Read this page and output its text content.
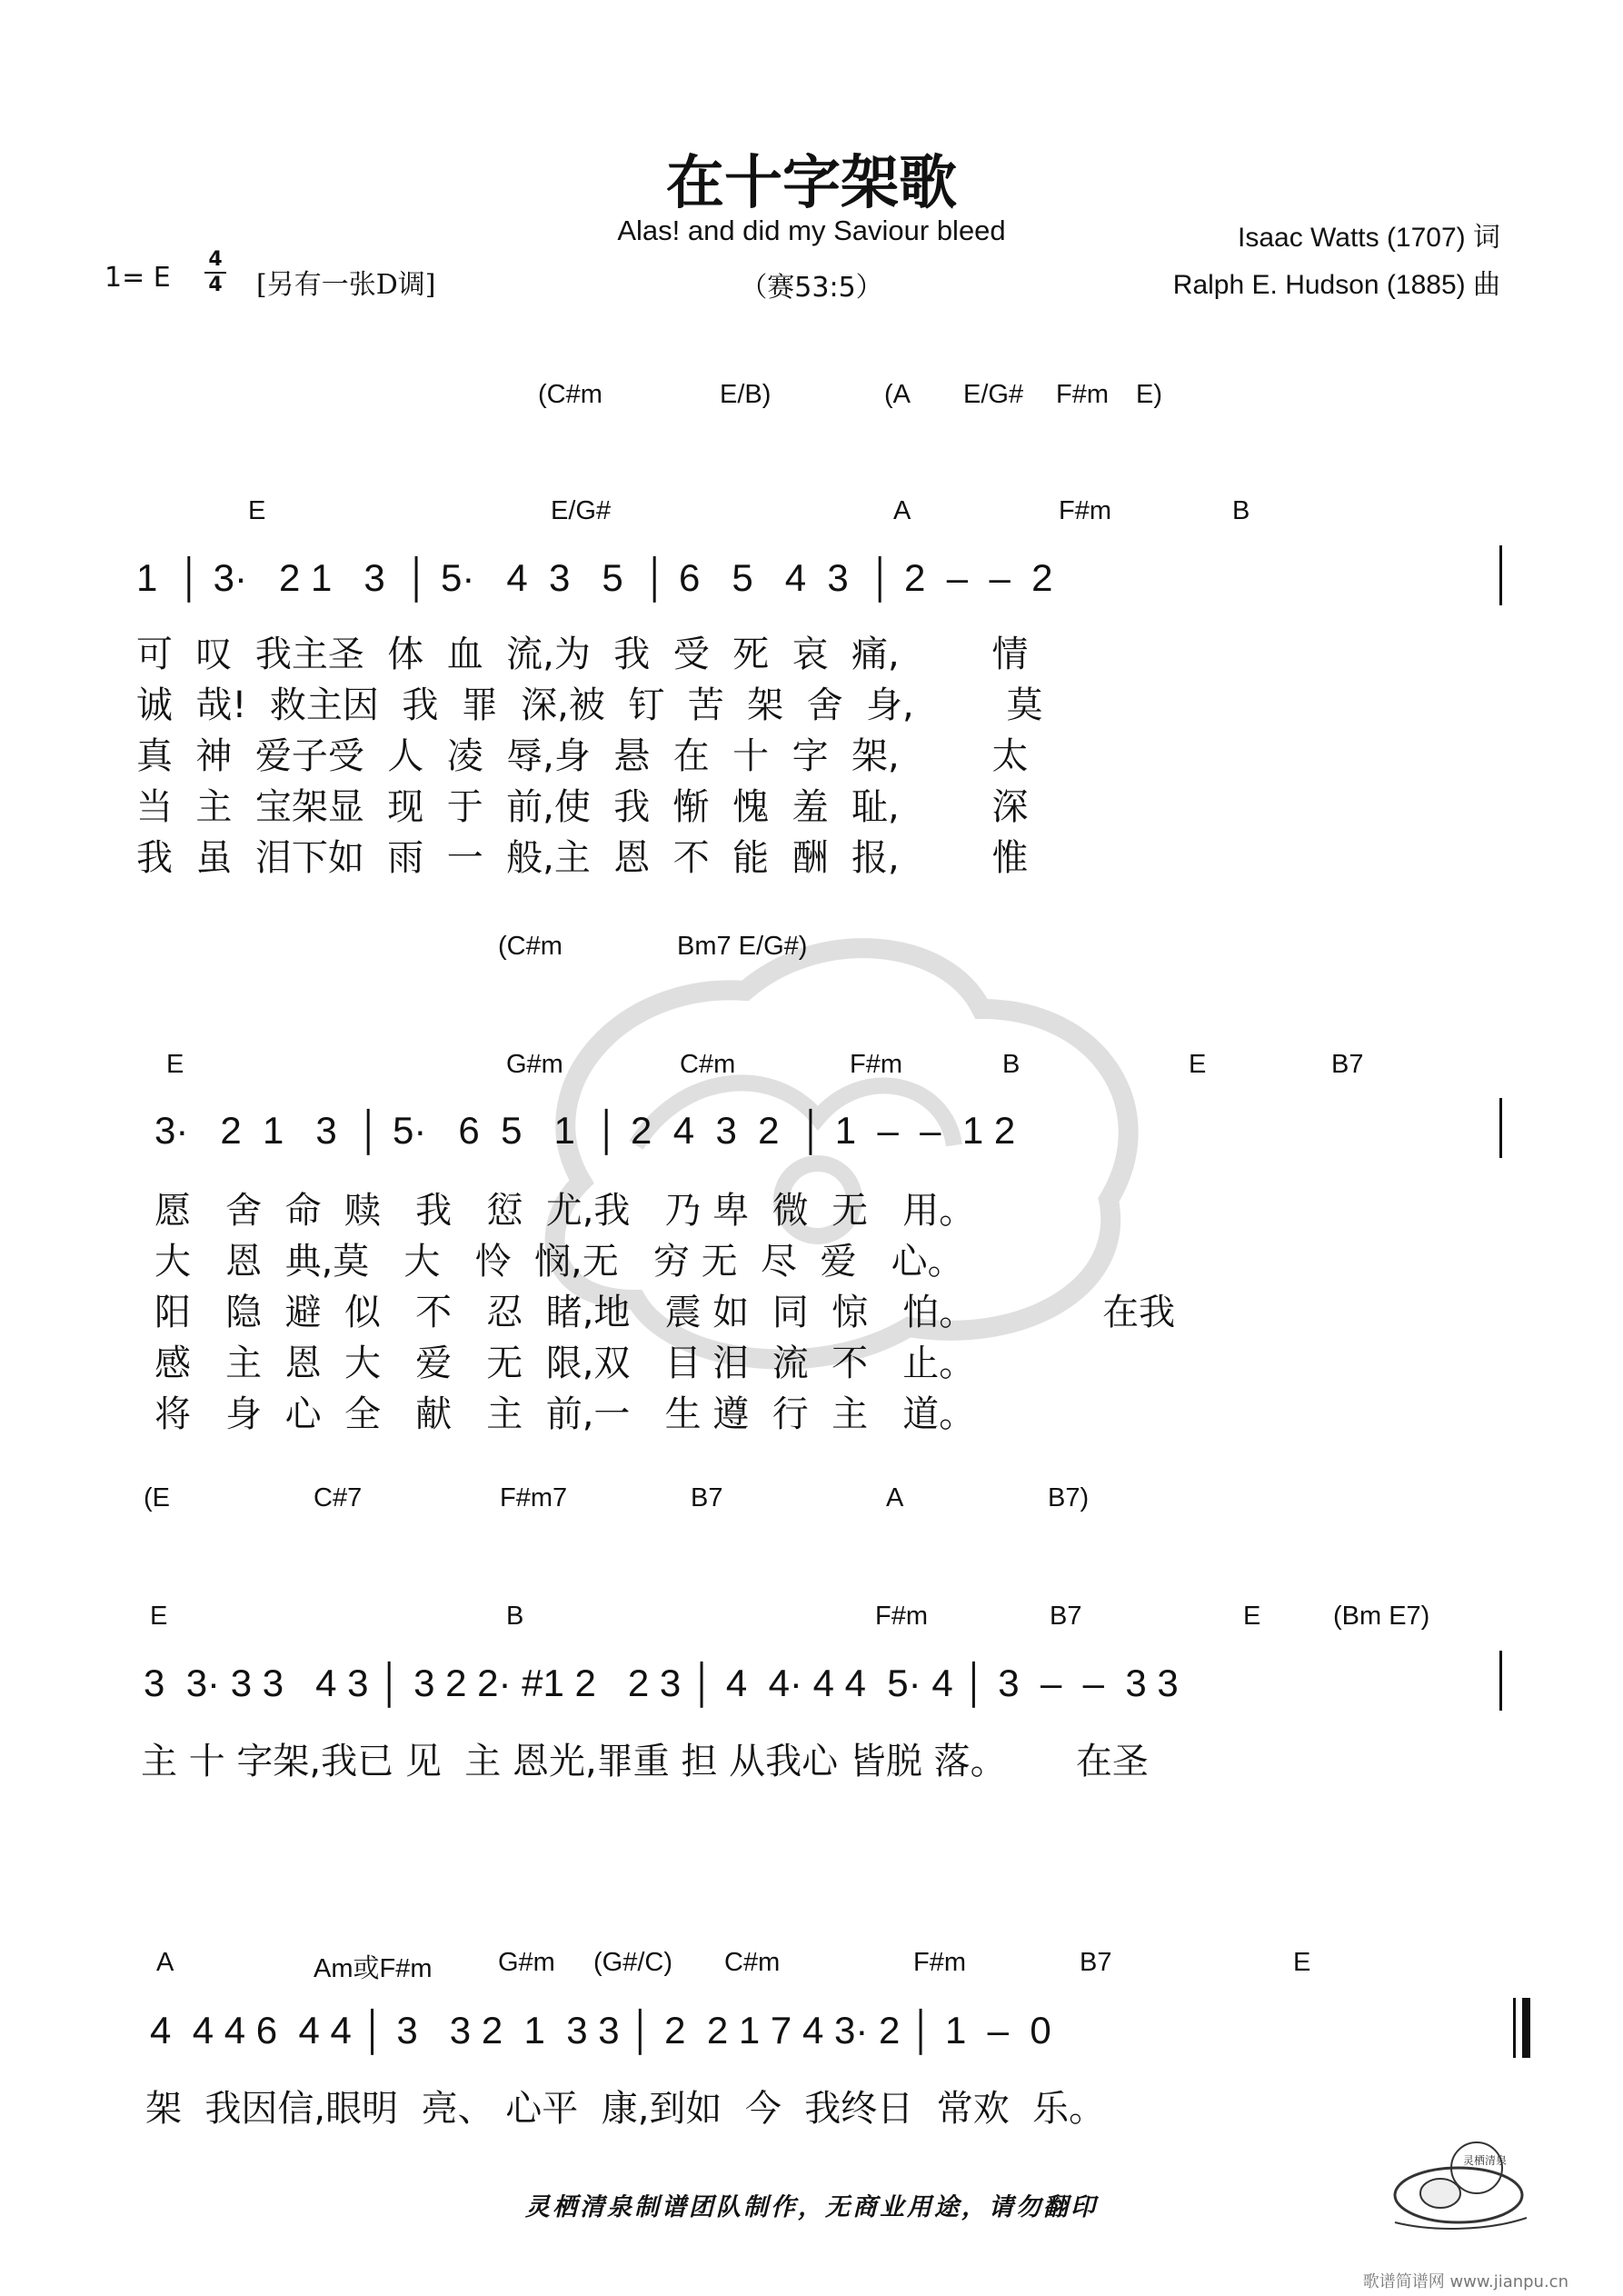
在十字架歌
Alas! and did my Saviour bleed
（赛53:5）
Isaac Watts (1707) 词
Ralph E. Hudson (1885) 曲
1= E
4
4 [另有一张D调]
(C#m	E/B)	(A E/G# F#m E)
E	E/G#	A	F#m	B
1  │ 3·   2 1   3  │ 5·   4  3   5  │ 6   5   4  3  │ 2  –  –  2
可  叹  我主圣  体  血  流,为  我  受  死  哀  痛,        情
诚  哉!  救主因  我  罪  深,被  钉  苦  架  舍  身,        莫
真  神  爱子受  人  凌  辱,身  悬  在  十  字  架,        太
当  主  宝架显  现  于  前,使  我  惭  愧  羞  耻,        深
我  虽  泪下如  雨  一  般,主  恩  不  能  酬  报,        惟
(C#m	Bm7 E/G#)
E	G#m	C#m	F#m	B	E	B7
3·   2  1   3  │ 5·   6  5   1  │ 2  4  3  2  │ 1  –  –  1 2
愿   舍  命  赎   我   愆  尤,我   乃 卑  微  无   用。
大   恩  典,莫   大   怜  悯,无   穷 无  尽  爱   心。
阳   隐  避  似   不   忍  睹,地   震 如  同  惊   怕。           在我
感   主  恩  大   爱   无  限,双   目 泪  流  不   止。
将   身  心  全   献   主  前,一   生 遵  行  主   道。
(E	C#7	F#m7	B7	A	B7)
E	B	F#m	B7	E	(Bm E7)
3  3· 3 3   4 3 │ 3 2 2· #1 2   2 3 │ 4  4· 4 4  5· 4 │ 3  –  –  3 3
主 十 字架,我已 见  主 恩光,罪重 担 从我心 皆脱 落。      在圣
A	Am或F#m G#m (G#/C) C#m	F#m	B7	E
4  4 4 6  4 4 │ 3   3 2  1  3 3 │ 2  2 1 7 4 3· 2 │ 1  –  0
架  我因信,眼明  亮、 心平  康,到如  今  我终日  常欢  乐。
灵栖清泉制谱团队制作，无商业用途，请勿翻印
灵栖清泉
歌谱简谱网 www.jianpu.cn
